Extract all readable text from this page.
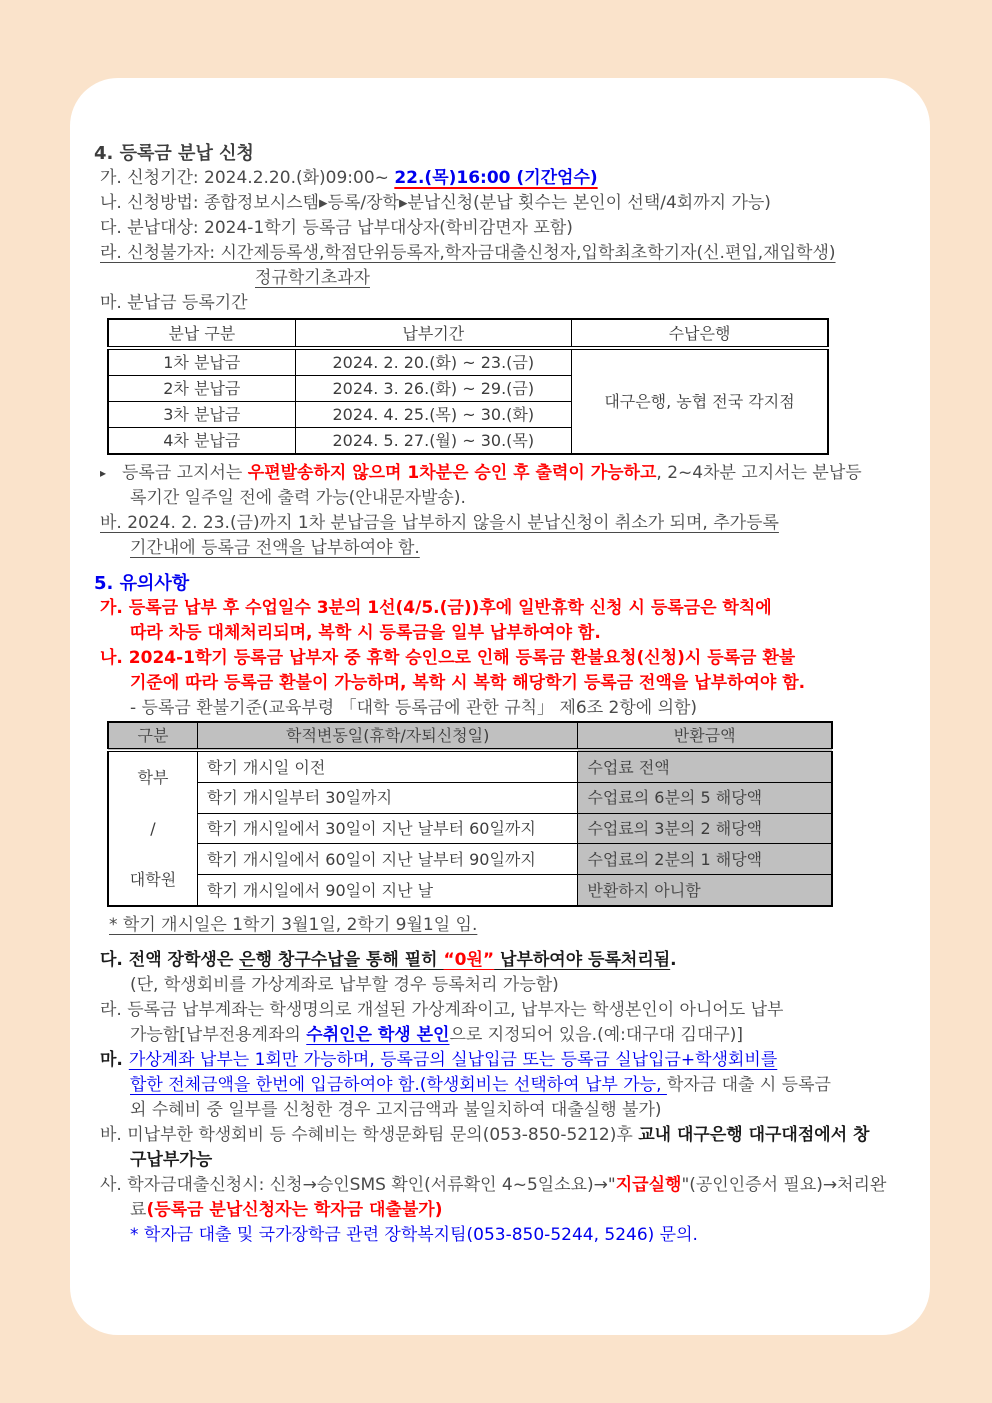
4. 등록금 분납 신청
가. 신청기간: 2024.2.20.(화)09:00~ 22.(목)16:00 (기간엄수)
나. 신청방법: 종합정보시스템▸등록/장학▸분납신청(분납 횟수는 본인이 선택/4회까지 가능)
다. 분납대상: 2024-1학기 등록금 납부대상자(학비감면자 포함)
라. 신청불가자: 시간제등록생,학점단위등록자,학자금대출신청자,입학최초학기자(신.편입,재입학생)
정규학기초과자
마. 분납금 등록기간
분납 구분	납부기간	수납은행
1차 분납금	2024. 2. 20.(화) ~ 23.(금)	대구은행, 농협 전국 각지점
2차 분납금	2024. 3. 26.(화) ~ 29.(금)	
3차 분납금	2024. 4. 25.(목) ~ 30.(화)	
4차 분납금	2024. 5. 27.(월) ~ 30.(목)	
▸ 등록금 고지서는 우편발송하지 않으며 1차분은 승인 후 출력이 가능하고, 2~4차분 고지서는 분납등
록기간 일주일 전에 출력 가능(안내문자발송).
바. 2024. 2. 23.(금)까지 1차 분납금을 납부하지 않을시 분납신청이 취소가 되며, 추가등록
기간내에 등록금 전액을 납부하여야 함.
5. 유의사항
가. 등록금 납부 후 수업일수 3분의 1선(4/5.(금))후에 일반휴학 신청 시 등록금은 학칙에
따라 차등 대체처리되며, 복학 시 등록금을 일부 납부하여야 함.
나. 2024-1학기 등록금 납부자 중 휴학 승인으로 인해 등록금 환불요청(신청)시 등록금 환불
기준에 따라 등록금 환불이 가능하며, 복학 시 복학 해당학기 등록금 전액을 납부하여야 함.
- 등록금 환불기준(교육부령 「대학 등록금에 관한 규칙」 제6조 2항에 의함)
구분	학적변동일(휴학/자퇴신청일)	반환금액

학부
/
대학원	학기 개시일 이전	수업료 전액
	학기 개시일부터 30일까지	수업료의 6분의 5 해당액
	학기 개시일에서 30일이 지난 날부터 60일까지	수업료의 3분의 2 해당액
	학기 개시일에서 60일이 지난 날부터 90일까지	수업료의 2분의 1 해당액
	학기 개시일에서 90일이 지난 날	반환하지 아니함
* 학기 개시일은 1학기 3월1일, 2학기 9월1일 임.
다. 전액 장학생은 은행 창구수납을 통해 필히 “0원” 납부하여야 등록처리됨.
(단, 학생회비를 가상계좌로 납부할 경우 등록처리 가능함)
라. 등록금 납부계좌는 학생명의로 개설된 가상계좌이고, 납부자는 학생본인이 아니어도 납부
가능함[납부전용계좌의 수취인은 학생 본인으로 지정되어 있음.(예:대구대 김대구)]
마. 가상계좌 납부는 1회만 가능하며, 등록금의 실납입금 또는 등록금 실납입금+학생회비를
합한 전체금액을 한번에 입금하여야 함.(학생회비는 선택하여 납부 가능, 학자금 대출 시 등록금
외 수혜비 중 일부를 신청한 경우 고지금액과 불일치하여 대출실행 불가)
바. 미납부한 학생회비 등 수혜비는 학생문화팀 문의(053-850-5212)후 교내 대구은행 대구대점에서 창
구납부가능
사. 학자금대출신청시: 신청→승인SMS 확인(서류확인 4~5일소요)→"지급실행"(공인인증서 필요)→처리완
료(등록금 분납신청자는 학자금 대출불가)
* 학자금 대출 및 국가장학금 관련 장학복지팀(053-850-5244, 5246) 문의.
